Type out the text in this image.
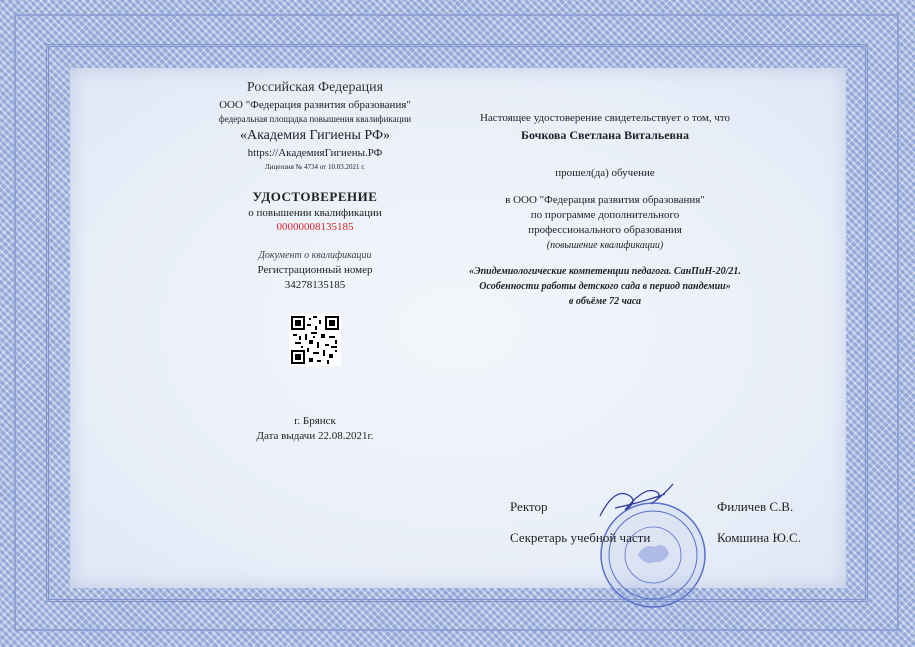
Российская Федерация
ООО "Федерация развития образования"
федеральная площадка повышения квалификации
«Академия Гигиены РФ»
https://АкадемияГигиены.РФ
Лицензия № 4734 от 10.03.2021 г.
УДОСТОВЕРЕНИЕ
о повышении квалификации
00000008135185
Документ о квалификации
Регистрационный номер
34278135185
г. Брянск
Дата выдачи 22.08.2021г.
Настоящее удостоверение свидетельствует о том, что
Бочкова Светлана Витальевна
прошел(да) обучение
в ООО "Федерация развития образования"
по программе дополнительного
профессионального образования
(повышение квалификации)
«Эпидемиологические компетенции педагога. СанПиН-20/21.
Особенности работы детского сада в период пандемии»
в объёме 72 часа
Ректор	Филичев С.В.
Секретарь учебной части	Комшина Ю.С.
